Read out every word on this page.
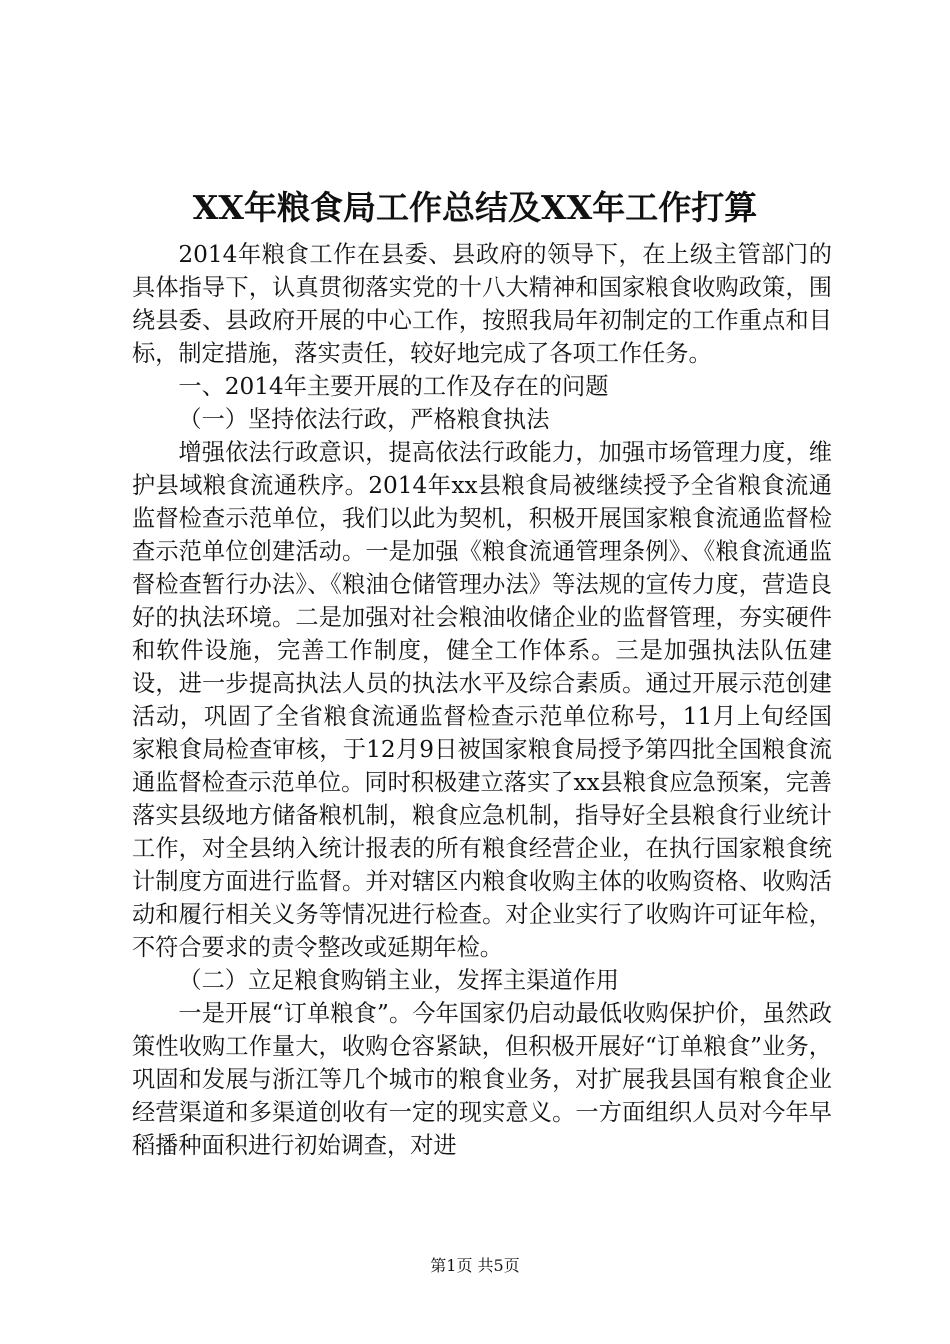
XX年粮食局工作总结及XX年工作打算

2014年粮食工作在县委、县政府的领导下，在上级主管部门的具体指导下，认真贯彻落实党的十八大精神和国家粮食收购政策，围绕县委、县政府开展的中心工作，按照我局年初制定的工作重点和目标，制定措施，落实责任，较好地完成了各项工作任务。

一、2014年主要开展的工作及存在的问题

（一）坚持依法行政，严格粮食执法

增强依法行政意识，提高依法行政能力，加强市场管理力度，维护县域粮食流通秩序。2014年xx县粮食局被继续授予全省粮食流通监督检查示范单位，我们以此为契机，积极开展国家粮食流通监督检查示范单位创建活动。一是加强《粮食流通管理条例》、《粮食流通监督检查暂行办法》、《粮油仓储管理办法》等法规的宣传力度，营造良好的执法环境。二是加强对社会粮油收储企业的监督管理，夯实硬件和软件设施，完善工作制度，健全工作体系。三是加强执法队伍建设，进一步提高执法人员的执法水平及综合素质。通过开展示范创建活动，巩固了全省粮食流通监督检查示范单位称号，11月上旬经国家粮食局检查审核，于12月9日被国家粮食局授予第四批全国粮食流通监督检查示范单位。同时积极建立落实了xx县粮食应急预案，完善落实县级地方储备粮机制，粮食应急机制，指导好全县粮食行业统计工作，对全县纳入统计报表的所有粮食经营企业，在执行国家粮食统计制度方面进行监督。并对辖区内粮食收购主体的收购资格、收购活动和履行相关义务等情况进行检查。对企业实行了收购许可证年检，不符合要求的责令整改或延期年检。

（二）立足粮食购销主业，发挥主渠道作用

一是开展“订单粮食”。今年国家仍启动最低收购保护价，虽然政策性收购工作量大，收购仓容紧缺，但积极开展好“订单粮食”业务，巩固和发展与浙江等几个城市的粮食业务，对扩展我县国有粮食企业经营渠道和多渠道创收有一定的现实意义。一方面组织人员对今年早稻播种面积进行初始调查，对进

第1页 共5页
